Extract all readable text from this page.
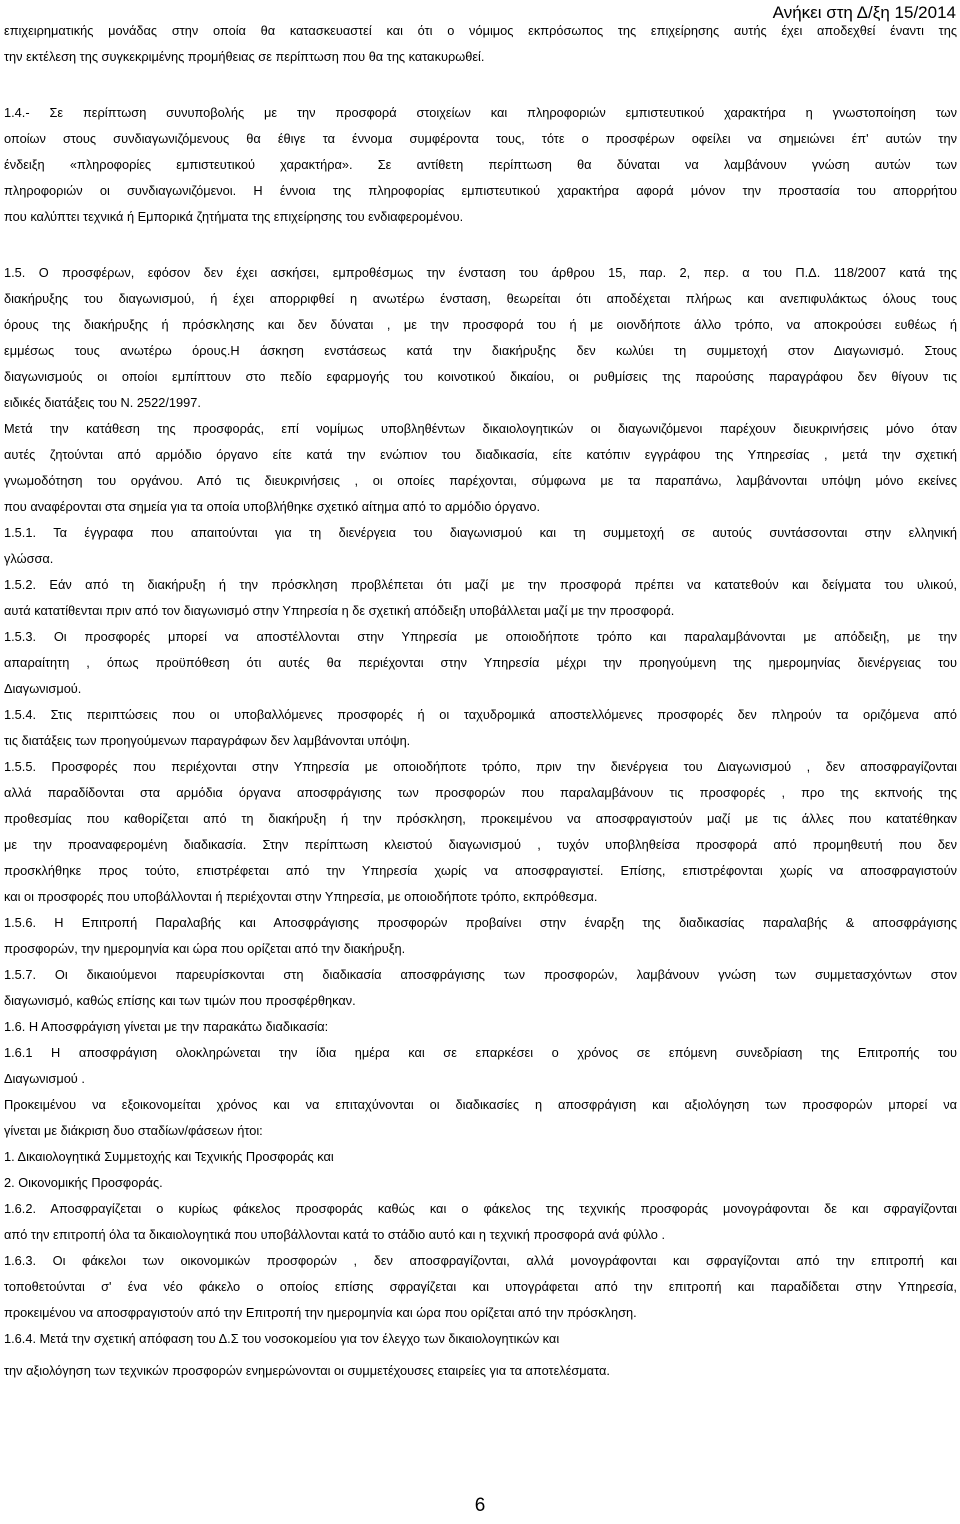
Ανήκει στη Δ/ξη 15/2014
επιχειρηματικής μονάδας στην οποία θα κατασκευαστεί και ότι ο νόμιμος εκπρόσωπος της επιχείρησης αυτής έχει αποδεχθεί έναντι της
την εκτέλεση της συγκεκριμένης προμήθειας σε περίπτωση που θα της κατακυρωθεί.
1.4.- Σε περίπτωση συνυποβολής με την προσφορά στοιχείων και πληροφοριών εμπιστευτικού χαρακτήρα η γνωστοποίηση των
οποίων στους συνδιαγωνιζόμενους θα έθιγε τα έννομα συμφέροντα τους, τότε ο προσφέρων οφείλει να σημειώνει έπ' αυτών την
ένδειξη «πληροφορίες εμπιστευτικού χαρακτήρα». Σε αντίθετη περίπτωση θα δύναται να λαμβάνουν γνώση αυτών των
πληροφοριών οι συνδιαγωνιζόμενοι. Η έννοια της πληροφορίας εμπιστευτικού χαρακτήρα αφορά μόνον την προστασία του απορρήτου
που καλύπτει τεχνικά ή Εμπορικά ζητήματα της επιχείρησης του ενδιαφερομένου.
1.5. Ο προσφέρων, εφόσον δεν έχει ασκήσει, εμπροθέσμως την ένσταση του άρθρου 15, παρ. 2, περ. α του Π.Δ. 118/2007 κατά της
διακήρυξης του διαγωνισμού, ή έχει απορριφθεί η ανωτέρω ένσταση, θεωρείται ότι αποδέχεται πλήρως και ανεπιφυλάκτως όλους τους
όρους της διακήρυξης ή πρόσκλησης και δεν δύναται , με την προσφορά του ή με οιονδήποτε άλλο τρόπο, να αποκρούσει ευθέως ή
εμμέσως τους ανωτέρω όρους.Η άσκηση ενστάσεως κατά την διακήρυξης δεν κωλύει τη συμμετοχή στον Διαγωνισμό. Στους
διαγωνισμούς οι οποίοι εμπίπτουν στο πεδίο εφαρμογής του κοινοτικού δικαίου, οι ρυθμίσεις της παρούσης παραγράφου δεν θίγουν τις
ειδικές διατάξεις του Ν. 2522/1997.
Μετά την κατάθεση της προσφοράς, επί νομίμως υποβληθέντων δικαιολογητικών οι διαγωνιζόμενοι παρέχουν διευκρινήσεις μόνο όταν
αυτές ζητούνται από αρμόδιο όργανο είτε κατά την ενώπιον του διαδικασία, είτε κατόπιν εγγράφου της Υπηρεσίας , μετά την σχετική
γνωμοδότηση του οργάνου. Από τις διευκρινήσεις , οι οποίες παρέχονται, σύμφωνα με τα παραπάνω, λαμβάνονται υπόψη μόνο εκείνες
που αναφέρονται στα σημεία για τα οποία υποβλήθηκε σχετικό αίτημα από το αρμόδιο όργανο.
1.5.1. Τα έγγραφα που απαιτούνται για τη διενέργεια του διαγωνισμού και τη συμμετοχή σε αυτούς συντάσσονται στην ελληνική
γλώσσα.
1.5.2. Εάν από τη διακήρυξη ή την πρόσκληση προβλέπεται ότι μαζί με την προσφορά πρέπει να κατατεθούν και δείγματα του υλικού,
αυτά κατατίθενται πριν από τον διαγωνισμό στην Υπηρεσία η δε σχετική απόδειξη υποβάλλεται μαζί με την προσφορά.
1.5.3. Οι προσφορές μπορεί να αποστέλλονται στην Υπηρεσία με οποιοδήποτε τρόπο και παραλαμβάνονται με απόδειξη, με την
απαραίτητη , όπως προϋπόθεση ότι αυτές θα περιέχονται στην Υπηρεσία μέχρι την προηγούμενη της ημερομηνίας διενέργειας του
Διαγωνισμού.
1.5.4. Στις περιπτώσεις που οι υποβαλλόμενες προσφορές ή οι ταχυδρομικά αποστελλόμενες προσφορές δεν πληρούν τα οριζόμενα από
τις διατάξεις των προηγούμενων παραγράφων δεν λαμβάνονται υπόψη.
1.5.5. Προσφορές που περιέχονται στην Υπηρεσία με οποιοδήποτε τρόπο, πριν την διενέργεια του Διαγωνισμού , δεν αποσφραγίζονται
αλλά παραδίδονται στα αρμόδια όργανα αποσφράγισης των προσφορών που παραλαμβάνουν τις προσφορές , προ της εκπνοής της
προθεσμίας που καθορίζεται από τη διακήρυξη ή την πρόσκληση, προκειμένου να αποσφραγιστούν μαζί με τις άλλες που κατατέθηκαν
με την προαναφερομένη διαδικασία. Στην περίπτωση κλειστού διαγωνισμού , τυχόν υποβληθείσα προσφορά από προμηθευτή που δεν
προσκλήθηκε προς τούτο, επιστρέφεται από την Υπηρεσία χωρίς να αποσφραγιστεί. Επίσης, επιστρέφονται χωρίς να αποσφραγιστούν
και οι προσφορές που υποβάλλονται ή περιέχονται στην Υπηρεσία, με οποιοδήποτε τρόπο, εκπρόθεσμα.
1.5.6. Η Επιτροπή Παραλαβής και Αποσφράγισης προσφορών προβαίνει στην έναρξη της διαδικασίας παραλαβής & αποσφράγισης
προσφορών, την ημερομηνία και ώρα που ορίζεται από την διακήρυξη.
1.5.7. Οι δικαιούμενοι παρευρίσκονται στη διαδικασία αποσφράγισης των προσφορών, λαμβάνουν γνώση των συμμετασχόντων στον
διαγωνισμό, καθώς επίσης και των τιμών που προσφέρθηκαν.
1.6. Η Αποσφράγιση γίνεται με την παρακάτω διαδικασία:
1.6.1 Η αποσφράγιση ολοκληρώνεται την ίδια ημέρα και σε επαρκέσει ο χρόνος σε επόμενη συνεδρίαση της Επιτροπής του
Διαγωνισμού .
Προκειμένου να εξοικονομείται χρόνος και να επιταχύνονται οι διαδικασίες η αποσφράγιση και αξιολόγηση των προσφορών μπορεί να
γίνεται με διάκριση δυο σταδίων/φάσεων ήτοι:
1. Δικαιολογητικά Συμμετοχής και Τεχνικής Προσφοράς και
2. Οικονομικής Προσφοράς.
1.6.2. Αποσφραγίζεται ο κυρίως φάκελος προσφοράς καθώς και ο φάκελος της τεχνικής προσφοράς μονογράφονται δε και σφραγίζονται
από την επιτροπή όλα τα δικαιολογητικά που υποβάλλονται κατά το στάδιο αυτό και η τεχνική προσφορά ανά φύλλο .
1.6.3. Οι φάκελοι των οικονομικών προσφορών , δεν αποσφραγίζονται, αλλά μονογράφονται και σφραγίζονται από την επιτροπή και
τοποθετούνται σ' ένα νέο φάκελο ο οποίος επίσης σφραγίζεται και υπογράφεται από την επιτροπή και παραδίδεται στην Υπηρεσία,
προκειμένου να αποσφραγιστούν από την Επιτροπή την ημερομηνία και ώρα που ορίζεται από την πρόσκληση.
1.6.4. Μετά την σχετική απόφαση του Δ.Σ του νοσοκομείου για τον έλεγχο των δικαιολογητικών και
την αξιολόγηση των τεχνικών προσφορών ενημερώνονται οι συμμετέχουσες εταιρείες για τα αποτελέσματα.
6
